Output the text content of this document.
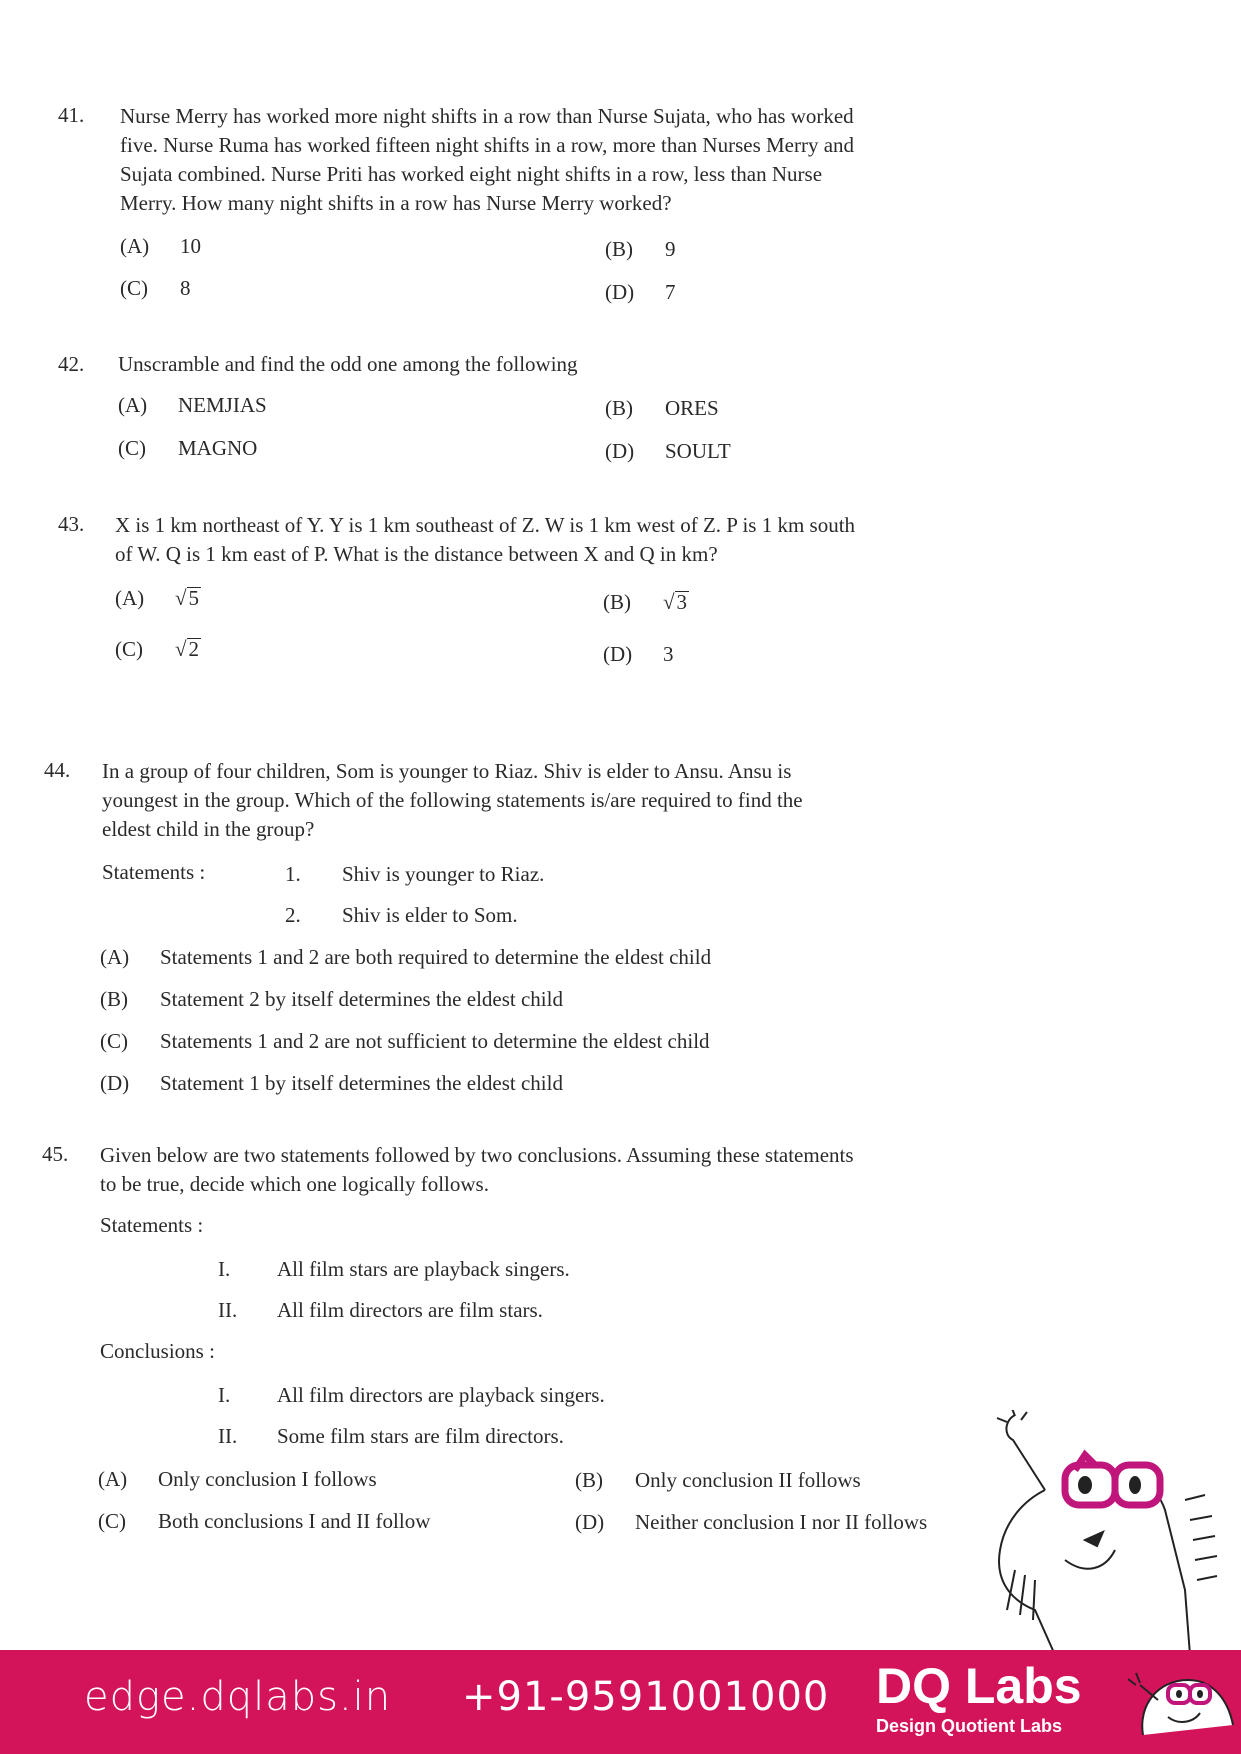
41. Nurse Merry has worked more night shifts in a row than Nurse Sujata, who has worked
five. Nurse Ruma has worked fifteen night shifts in a row, more than Nurses Merry and
Sujata combined. Nurse Priti has worked eight night shifts in a row, less than Nurse
Merry. How many night shifts in a row has Nurse Merry worked?
(A) 10	(B) 9
(C) 8	(D) 7
42. Unscramble and find the odd one among the following
(A) NEMJIAS	(B) ORES
(C) MAGNO	(D) SOULT
43. X is 1 km northeast of Y. Y is 1 km southeast of Z. W is 1 km west of Z. P is 1 km south
of W. Q is 1 km east of P. What is the distance between X and Q in km?
(A) √5	(B) √3
(C) √2	(D) 3
44. In a group of four children, Som is younger to Riaz. Shiv is elder to Ansu. Ansu is
youngest in the group. Which of the following statements is/are required to find the
eldest child in the group?
Statements :	1. Shiv is younger to Riaz.
2. Shiv is elder to Som.
(A) Statements 1 and 2 are both required to determine the eldest child
(B) Statement 2 by itself determines the eldest child
(C) Statements 1 and 2 are not sufficient to determine the eldest child
(D) Statement 1 by itself determines the eldest child
45. Given below are two statements followed by two conclusions. Assuming these statements
to be true, decide which one logically follows.
Statements :
I. All film stars are playback singers.
II. All film directors are film stars.
Conclusions :
I. All film directors are playback singers.
II. Some film stars are film directors.
(A) Only conclusion I follows	(B) Only conclusion II follows
(C) Both conclusions I and II follow	(D) Neither conclusion I nor II follows
edge.dqlabs.in +91-9591001000 DQ Labs
Design Quotient Labs
